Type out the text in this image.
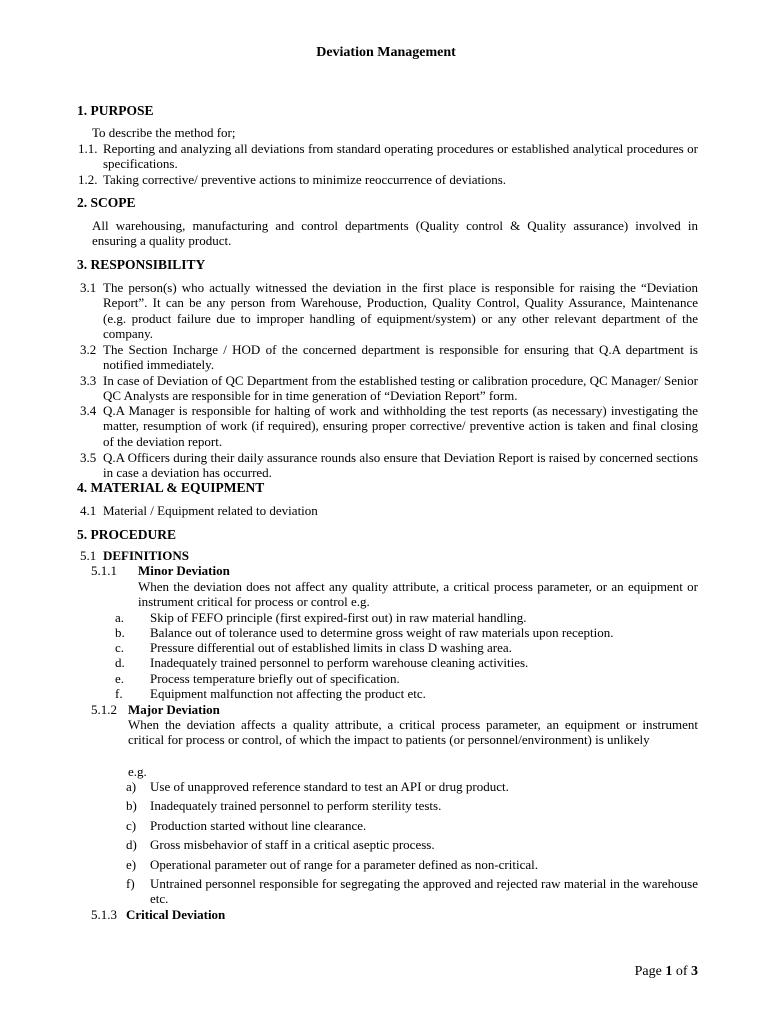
Deviation Management
1. PURPOSE
To describe the method for;
1.1. Reporting and analyzing all deviations from standard operating procedures or established analytical procedures or specifications.
1.2. Taking corrective/ preventive actions to minimize reoccurrence of deviations.
2. SCOPE
All warehousing, manufacturing and control departments (Quality control & Quality assurance) involved in ensuring a quality product.
3. RESPONSIBILITY
3.1 The person(s) who actually witnessed the deviation in the first place is responsible for raising the “Deviation Report”. It can be any person from Warehouse, Production, Quality Control, Quality Assurance, Maintenance (e.g. product failure due to improper handling of equipment/system) or any other relevant department of the company.
3.2 The Section Incharge / HOD of the concerned department is responsible for ensuring that Q.A department is notified immediately.
3.3 In case of Deviation of QC Department from the established testing or calibration procedure, QC Manager/ Senior QC Analysts are responsible for in time generation of “Deviation Report” form.
3.4 Q.A Manager is responsible for halting of work and withholding the test reports (as necessary) investigating the matter, resumption of work (if required), ensuring proper corrective/ preventive action is taken and final closing of the deviation report.
3.5 Q.A Officers during their daily assurance rounds also ensure that Deviation Report is raised by concerned sections in case a deviation has occurred.
4. MATERIAL & EQUIPMENT
4.1 Material / Equipment related to deviation
5. PROCEDURE
5.1 DEFINITIONS
5.1.1 Minor Deviation
When the deviation does not affect any quality attribute, a critical process parameter, or an equipment or instrument critical for process or control e.g.
a. Skip of FEFO principle (first expired-first out) in raw material handling.
b. Balance out of tolerance used to determine gross weight of raw materials upon reception.
c. Pressure differential out of established limits in class D washing area.
d. Inadequately trained personnel to perform warehouse cleaning activities.
e. Process temperature briefly out of specification.
f. Equipment malfunction not affecting the product etc.
5.1.2 Major Deviation
When the deviation affects a quality attribute, a critical process parameter, an equipment or instrument critical for process or control, of which the impact to patients (or personnel/environment) is unlikely
e.g.
a) Use of unapproved reference standard to test an API or drug product.
b) Inadequately trained personnel to perform sterility tests.
c) Production started without line clearance.
d) Gross misbehavior of staff in a critical aseptic process.
e) Operational parameter out of range for a parameter defined as non-critical.
f) Untrained personnel responsible for segregating the approved and rejected raw material in the warehouse etc.
5.1.3 Critical Deviation
Page 1 of 3
